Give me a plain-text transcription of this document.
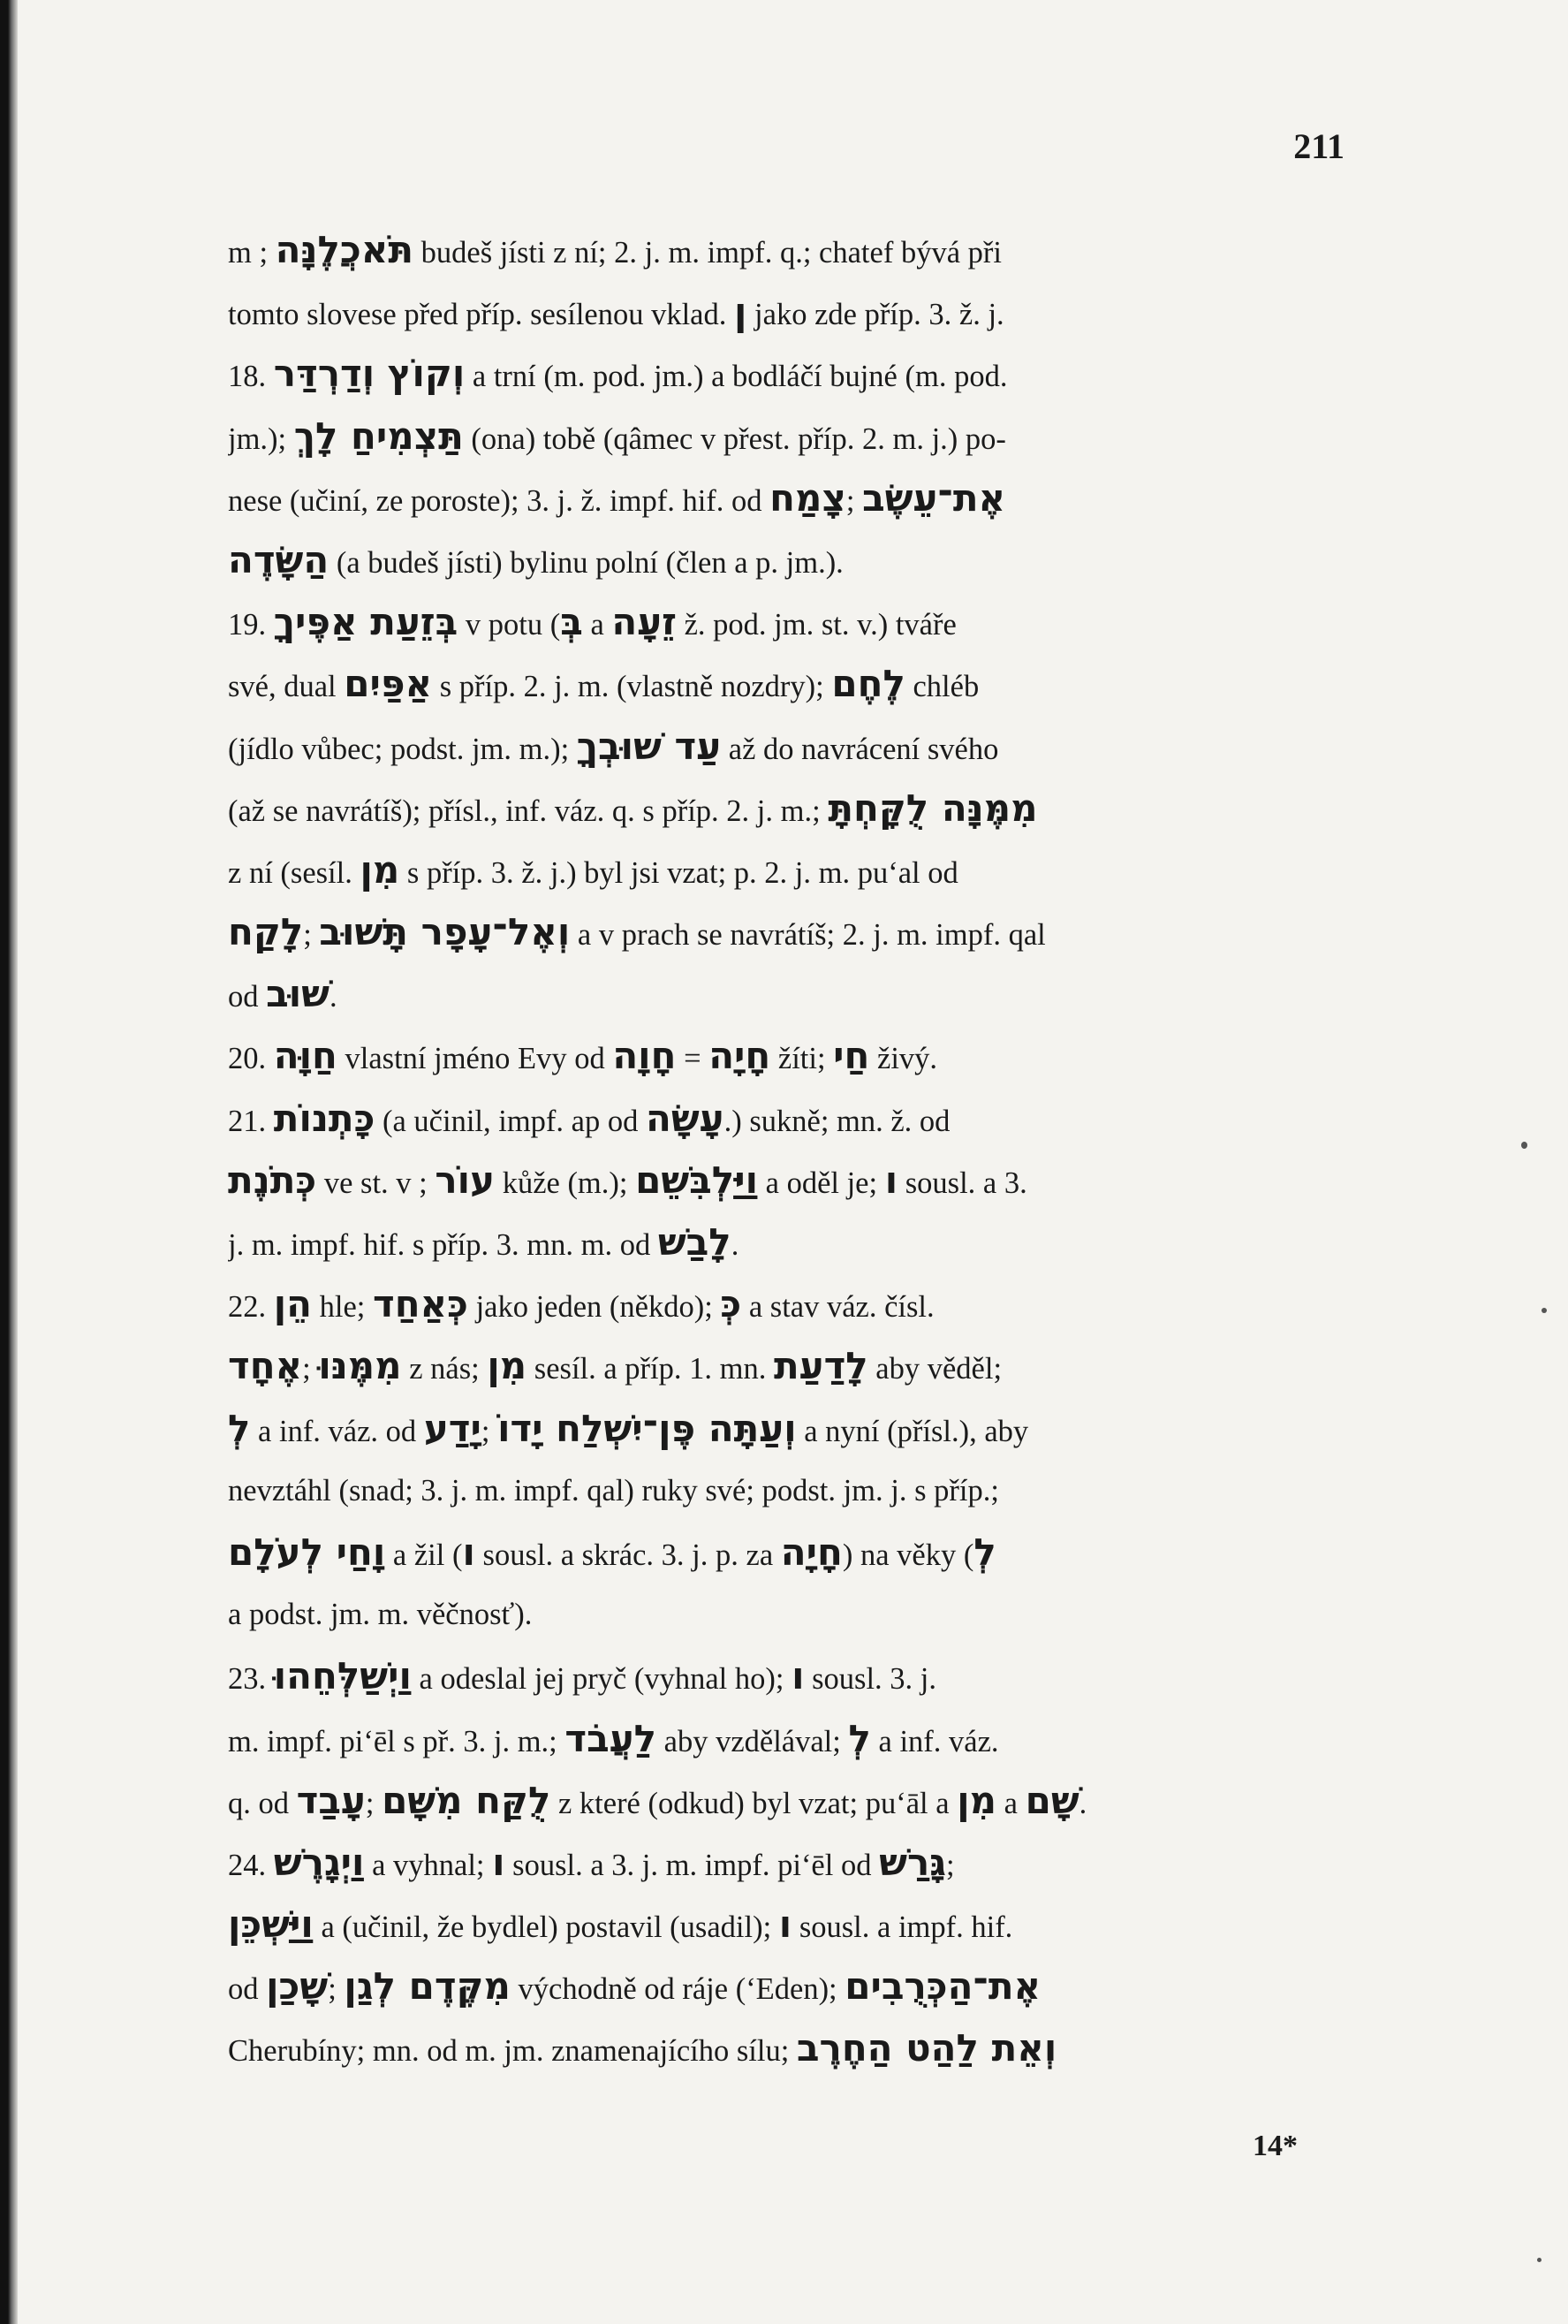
211
m ; תֹּאכֲלֶנָּה budeš jísti z ní; 2. j. m. impf. q.; chatef bývá při
tomto slovese před příp. sesílenou vklad. ן jako zde příp. 3. ž. j.
18. וְקוֹץ וְדַרְדַּר a trní (m. pod. jm.) a bodláčí bujné (m. pod.
jm.); תַּצְמִיחַ לָךְ (ona) tobě (qâmec v přest. příp. 2. m. j.) po-
nese (učiní, ze poroste); 3. j. ž. impf. hif. od צָמַח; אֶת־עֵשֶׂב
הַשָּׂדֶה (a budeš jísti) bylinu polní (člen a p. jm.).
19. בְּזֵעַת אַפֶּיךָ v potu (בְּ a זֵעָה ž. pod. jm. st. v.) tváře
své, dual אַפַּיִם s příp. 2. j. m. (vlastně nozdry); לֶחֶם chléb
(jídlo vůbec; podst. jm. m.); עַד שׁוּבְךָ až do navrácení svého
(až se navrátíš); přísl., inf. váz. q. s příp. 2. j. m.; מִמֶּנָּה לֻקָּחְתָּ
z ní (sesíl. מִן s příp. 3. ž. j.) byl jsi vzat; p. 2. j. m. pu‘al od
לָקַח; וְאֶל־עָפָר תָּשׁוּב a v prach se navrátíš; 2. j. m. impf. qal
od שׁוּב.
20. חַוָּה vlastní jméno Evy od חָוָה = חָיָה žíti; חַי živý.
21. כָּתְנוֹת (a učinil, impf. ap od עָשָׂה.) sukně; mn. ž. od
כְּתֹנֶת ve st. v ; עוֹר kůže (m.); וַיַּלְבִּשֵׁם a oděl je; ו sousl. a 3.
j. m. impf. hif. s příp. 3. mn. m. od לָבַשׁ.
22. הֵן hle; כְּאַחַד jako jeden (někdo); כְּ a stav váz. čísl.
אֶחָד; מִמֶּנּוּ z nás; מִן sesíl. a příp. 1. mn. לָדַעַת aby věděl;
לְ a inf. váz. od יָדַע; וְעַתָּה פֶּן־יִשְׁלַח יָדוֹ a nyní (přísl.), aby
nevztáhl (snad; 3. j. m. impf. qal) ruky své; podst. jm. j. s příp.;
וָחַי לְעֹלָם a žil (ו sousl. a skrác. 3. j. p. za חָיָה) na věky (לְ
a podst. jm. m. věčnosť).
23. וַיְשַׁלְּחֵהוּ a odeslal jej pryč (vyhnal ho); ו sousl. 3. j.
m. impf. pi‘ēl s př. 3. j. m.; לַעֲבֹד aby vzdělával; לְ a inf. váz.
q. od עָבַד; לֻקַּח מִשָּׁם z které (odkud) byl vzat; pu‘āl a מִן a שָׁם.
24. וַיְגָרֶשׁ a vyhnal; ו sousl. a 3. j. m. impf. pi‘ēl od גָּרַשׁ;
וַיַּשְׁכֵּן a (učinil, že bydlel) postavil (usadil); ו sousl. a impf. hif.
od שָׁכַן; מִקֶּדֶם לְגַן východně od ráje (‘Eden); אֶת־הַכְּרֻבִים
Cherubíny; mn. od m. jm. znamenajícího sílu; וְאֵת לַהַט הַחֶרֶב
14*
